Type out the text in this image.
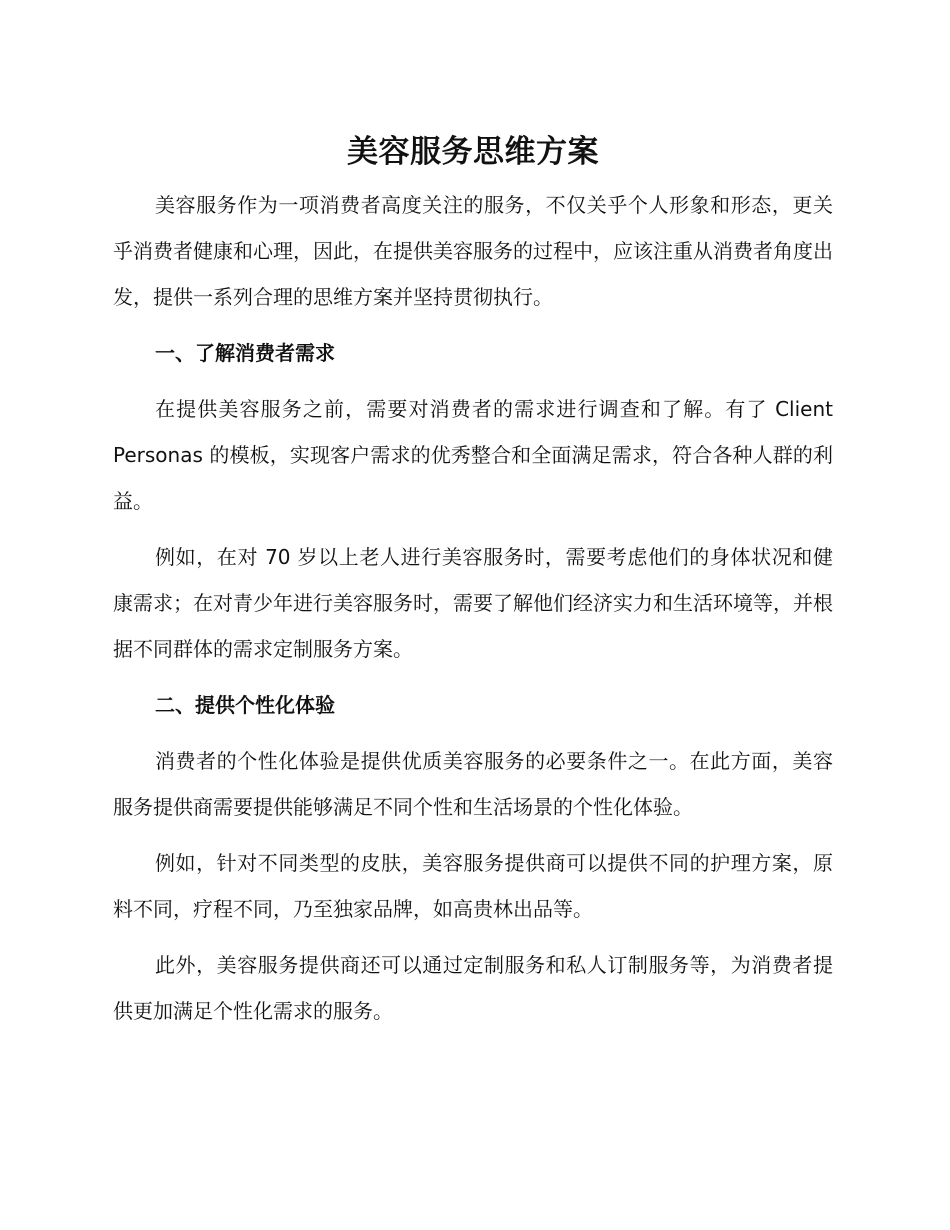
美容服务思维方案

美容服务作为一项消费者高度关注的服务，不仅关乎个人形象和形态，更关乎消费者健康和心理，因此，在提供美容服务的过程中，应该注重从消费者角度出发，提供一系列合理的思维方案并坚持贯彻执行。

一、了解消费者需求

在提供美容服务之前，需要对消费者的需求进行调查和了解。有了 Client Personas 的模板，实现客户需求的优秀整合和全面满足需求，符合各种人群的利益。

例如，在对 70 岁以上老人进行美容服务时，需要考虑他们的身体状况和健康需求；在对青少年进行美容服务时，需要了解他们经济实力和生活环境等，并根据不同群体的需求定制服务方案。

二、提供个性化体验

消费者的个性化体验是提供优质美容服务的必要条件之一。在此方面，美容服务提供商需要提供能够满足不同个性和生活场景的个性化体验。

例如，针对不同类型的皮肤，美容服务提供商可以提供不同的护理方案，原料不同，疗程不同，乃至独家品牌，如高贵林出品等。

此外，美容服务提供商还可以通过定制服务和私人订制服务等，为消费者提供更加满足个性化需求的服务。
